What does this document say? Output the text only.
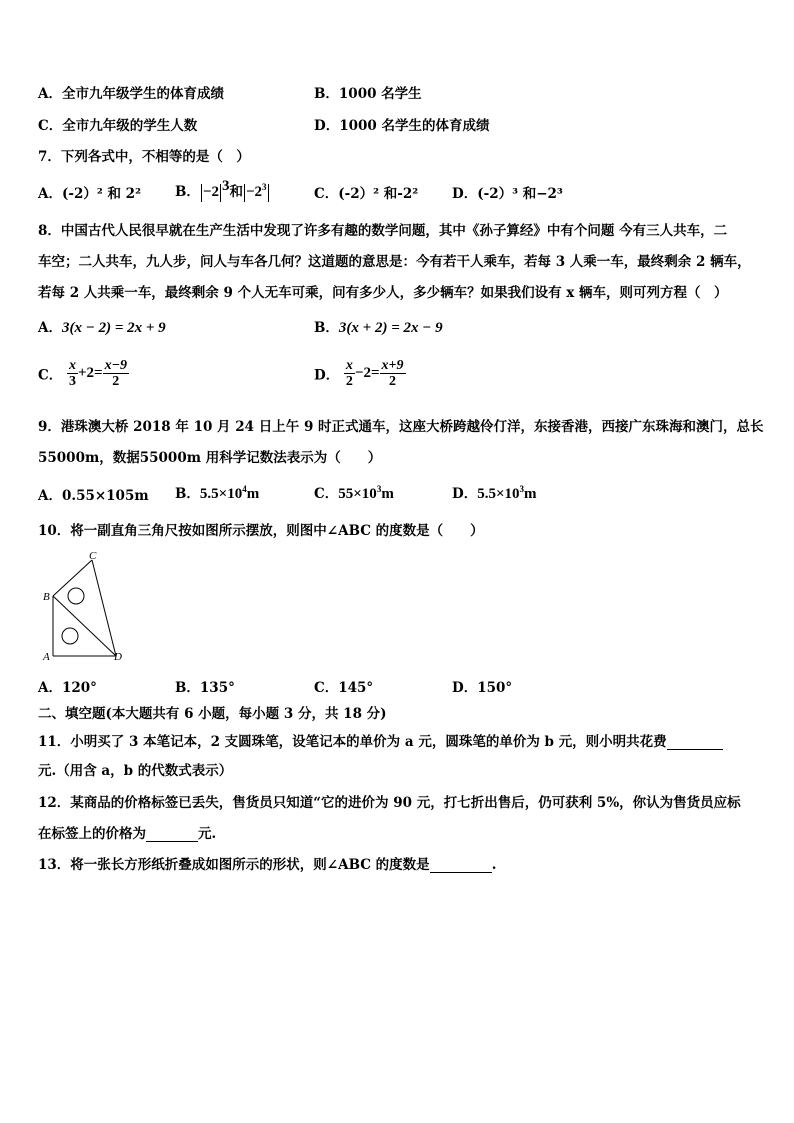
A．全市九年级学生的体育成绩	B．1000 名学生
C．全市九年级的学生人数	D．1000 名学生的体育成绩
7．下列各式中，不相等的是（　）
A．(-2）² 和 2²	B． −2 $^3$和 $-2^3$	C．(-2）² 和-2²	D．(-2）³ 和−2³
8．中国古代人民很早就在生产生活中发现了许多有趣的数学问题，其中《孙子算经》中有个问题 今有三人共车，二
车空；二人共车，九人步，问人与车各几何？这道题的意思是：今有若干人乘车，若每 3 人乘一车，最终剩余 2 辆车，
若每 2 人共乘一车，最终剩余 9 个人无车可乘，问有多少人，多少辆车？如果我们设有 x 辆车，则可列方程（　）
A．3(x − 2) = 2x + 9	B．3(x + 2) = 2x − 9
C． $\frac{x}{3} +2= \frac{x-9}{2}$	D． $\frac{x}{2} -2= \frac{x+9}{2}$
9．港珠澳大桥 2018 年 10 月 24 日上午 9 时正式通车，这座大桥跨越伶仃洋，东接香港，西接广东珠海和澳门，总长
55000m，数据55000m 用科学记数法表示为（　　）
A．0.55×105m B．$5.5\times 10^4m$	C．$55\times 10^3m$	D．$5.5\times 10^3m$
10．将一副直角三角尺按如图所示摆放，则图中∠ABC 的度数是（　　）
C
B
A	D
A．120°	B．135°	C．145°	D．150°
二、填空题(本大题共有 6 小题，每小题 3 分，共 18 分)
11．小明买了 3 本笔记本，2 支圆珠笔，设笔记本的单价为 a 元，圆珠笔的单价为 b 元，则小明共花费
元.（用含 a，b 的代数式表示）
12．某商品的价格标签已丢失，售货员只知道“它的进价为 90 元，打七折出售后，仍可获利 5%，你认为售货员应标
在标签上的价格为	元.
13．将一张长方形纸折叠成如图所示的形状，则∠ABC 的度数是	.
